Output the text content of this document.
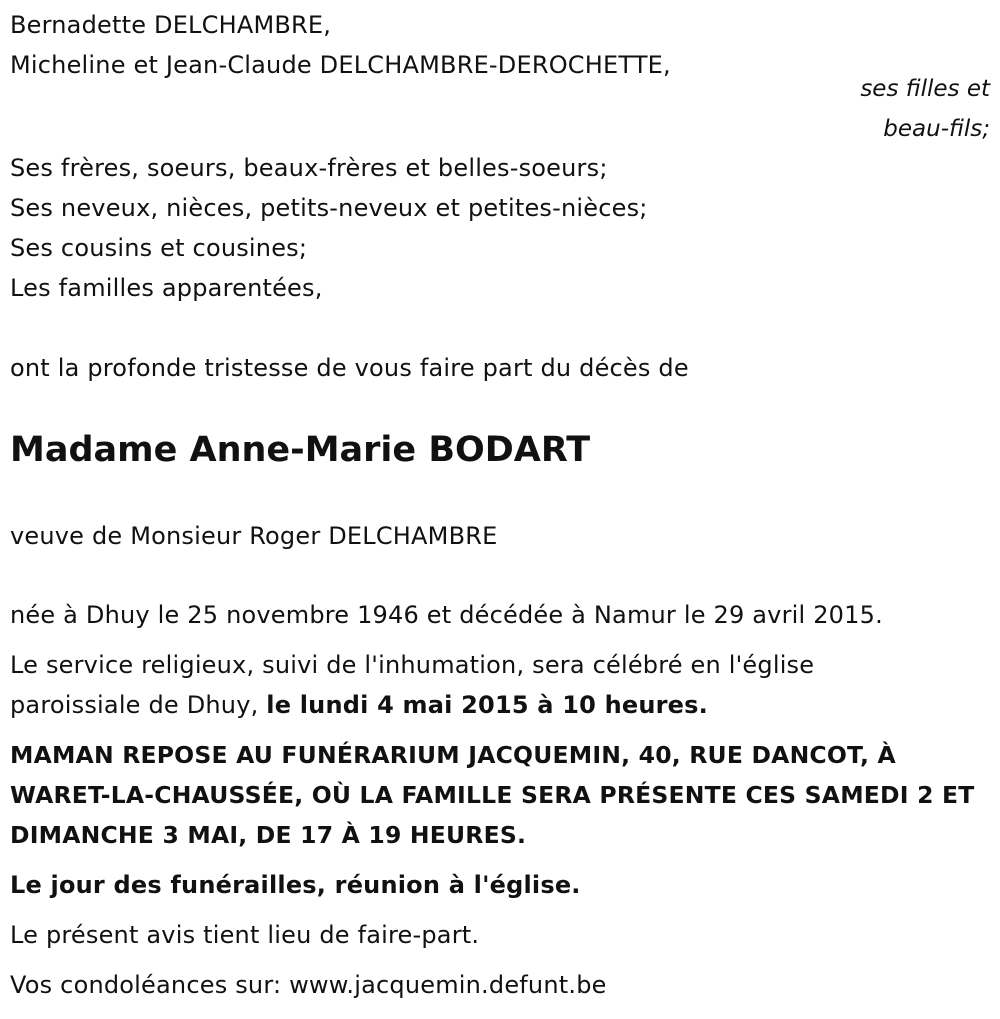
Bernadette DELCHAMBRE,
Micheline et Jean-Claude DELCHAMBRE-DEROCHETTE,
ses filles et
beau-fils;
Ses frères, soeurs, beaux-frères et belles-soeurs;
Ses neveux, nièces, petits-neveux et petites-nièces;
Ses cousins et cousines;
Les familles apparentées,
ont la profonde tristesse de vous faire part du décès de
Madame Anne-Marie BODART
veuve de Monsieur Roger DELCHAMBRE
née à Dhuy le 25 novembre 1946 et décédée à Namur le 29 avril 2015.
Le service religieux, suivi de l'inhumation, sera célébré en l'église
paroissiale de Dhuy, le lundi 4 mai 2015 à 10 heures.
MAMAN REPOSE AU FUNÉRARIUM JACQUEMIN, 40, RUE DANCOT, À
WARET-LA-CHAUSSÉE, OÙ LA FAMILLE SERA PRÉSENTE CES SAMEDI 2 ET
DIMANCHE 3 MAI, DE 17 À 19 HEURES.
Le jour des funérailles, réunion à l'église.
Le présent avis tient lieu de faire-part.
Vos condoléances sur: www.jacquemin.defunt.be
